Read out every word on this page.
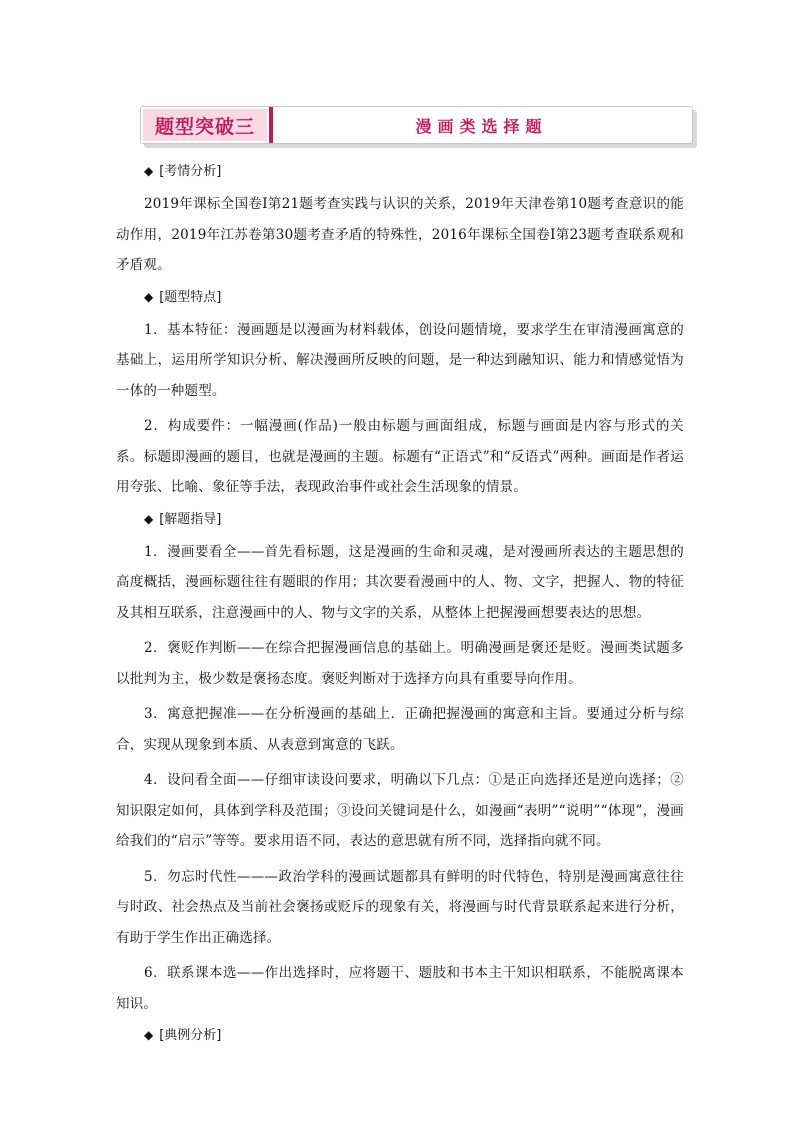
题型突破三	漫画类选择题
◆ [考情分析]

2019年课标全国卷Ⅰ第21题考查实践与认识的关系，2019年天津卷第10题考查意识的能动作用，2019年江苏卷第30题考查矛盾的特殊性，2016年课标全国卷Ⅰ第23题考查联系观和矛盾观。

◆ [题型特点]

1．基本特征：漫画题是以漫画为材料载体，创设问题情境，要求学生在审清漫画寓意的基础上，运用所学知识分析、解决漫画所反映的问题，是一种达到融知识、能力和情感觉悟为一体的一种题型。

2．构成要件：一幅漫画(作品)一般由标题与画面组成，标题与画面是内容与形式的关系。标题即漫画的题目，也就是漫画的主题。标题有“正语式”和“反语式”两种。画面是作者运用夸张、比喻、象征等手法，表现政治事件或社会生活现象的情景。

◆ [解题指导]

1．漫画要看全——首先看标题，这是漫画的生命和灵魂，是对漫画所表达的主题思想的高度概括，漫画标题往往有题眼的作用；其次要看漫画中的人、物、文字，把握人、物的特征及其相互联系，注意漫画中的人、物与文字的关系，从整体上把握漫画想要表达的思想。

2．褒贬作判断——在综合把握漫画信息的基础上。明确漫画是褒还是贬。漫画类试题多以批判为主，极少数是褒扬态度。褒贬判断对于选择方向具有重要导向作用。

3．寓意把握准——在分析漫画的基础上．正确把握漫画的寓意和主旨。要通过分析与综合，实现从现象到本质、从表意到寓意的飞跃。

4．设问看全面——仔细审读设问要求，明确以下几点：①是正向选择还是逆向选择；②知识限定如何，具体到学科及范围；③设问关键词是什么，如漫画“表明”“说明”“体现”，漫画给我们的“启示”等等。要求用语不同，表达的意思就有所不同，选择指向就不同。

5．勿忘时代性———政治学科的漫画试题都具有鲜明的时代特色，特别是漫画寓意往往与时政、社会热点及当前社会褒扬或贬斥的现象有关，将漫画与时代背景联系起来进行分析，有助于学生作出正确选择。

6．联系课本选——作出选择时，应将题干、题肢和书本主干知识相联系，不能脱离课本知识。

◆ [典例分析]
